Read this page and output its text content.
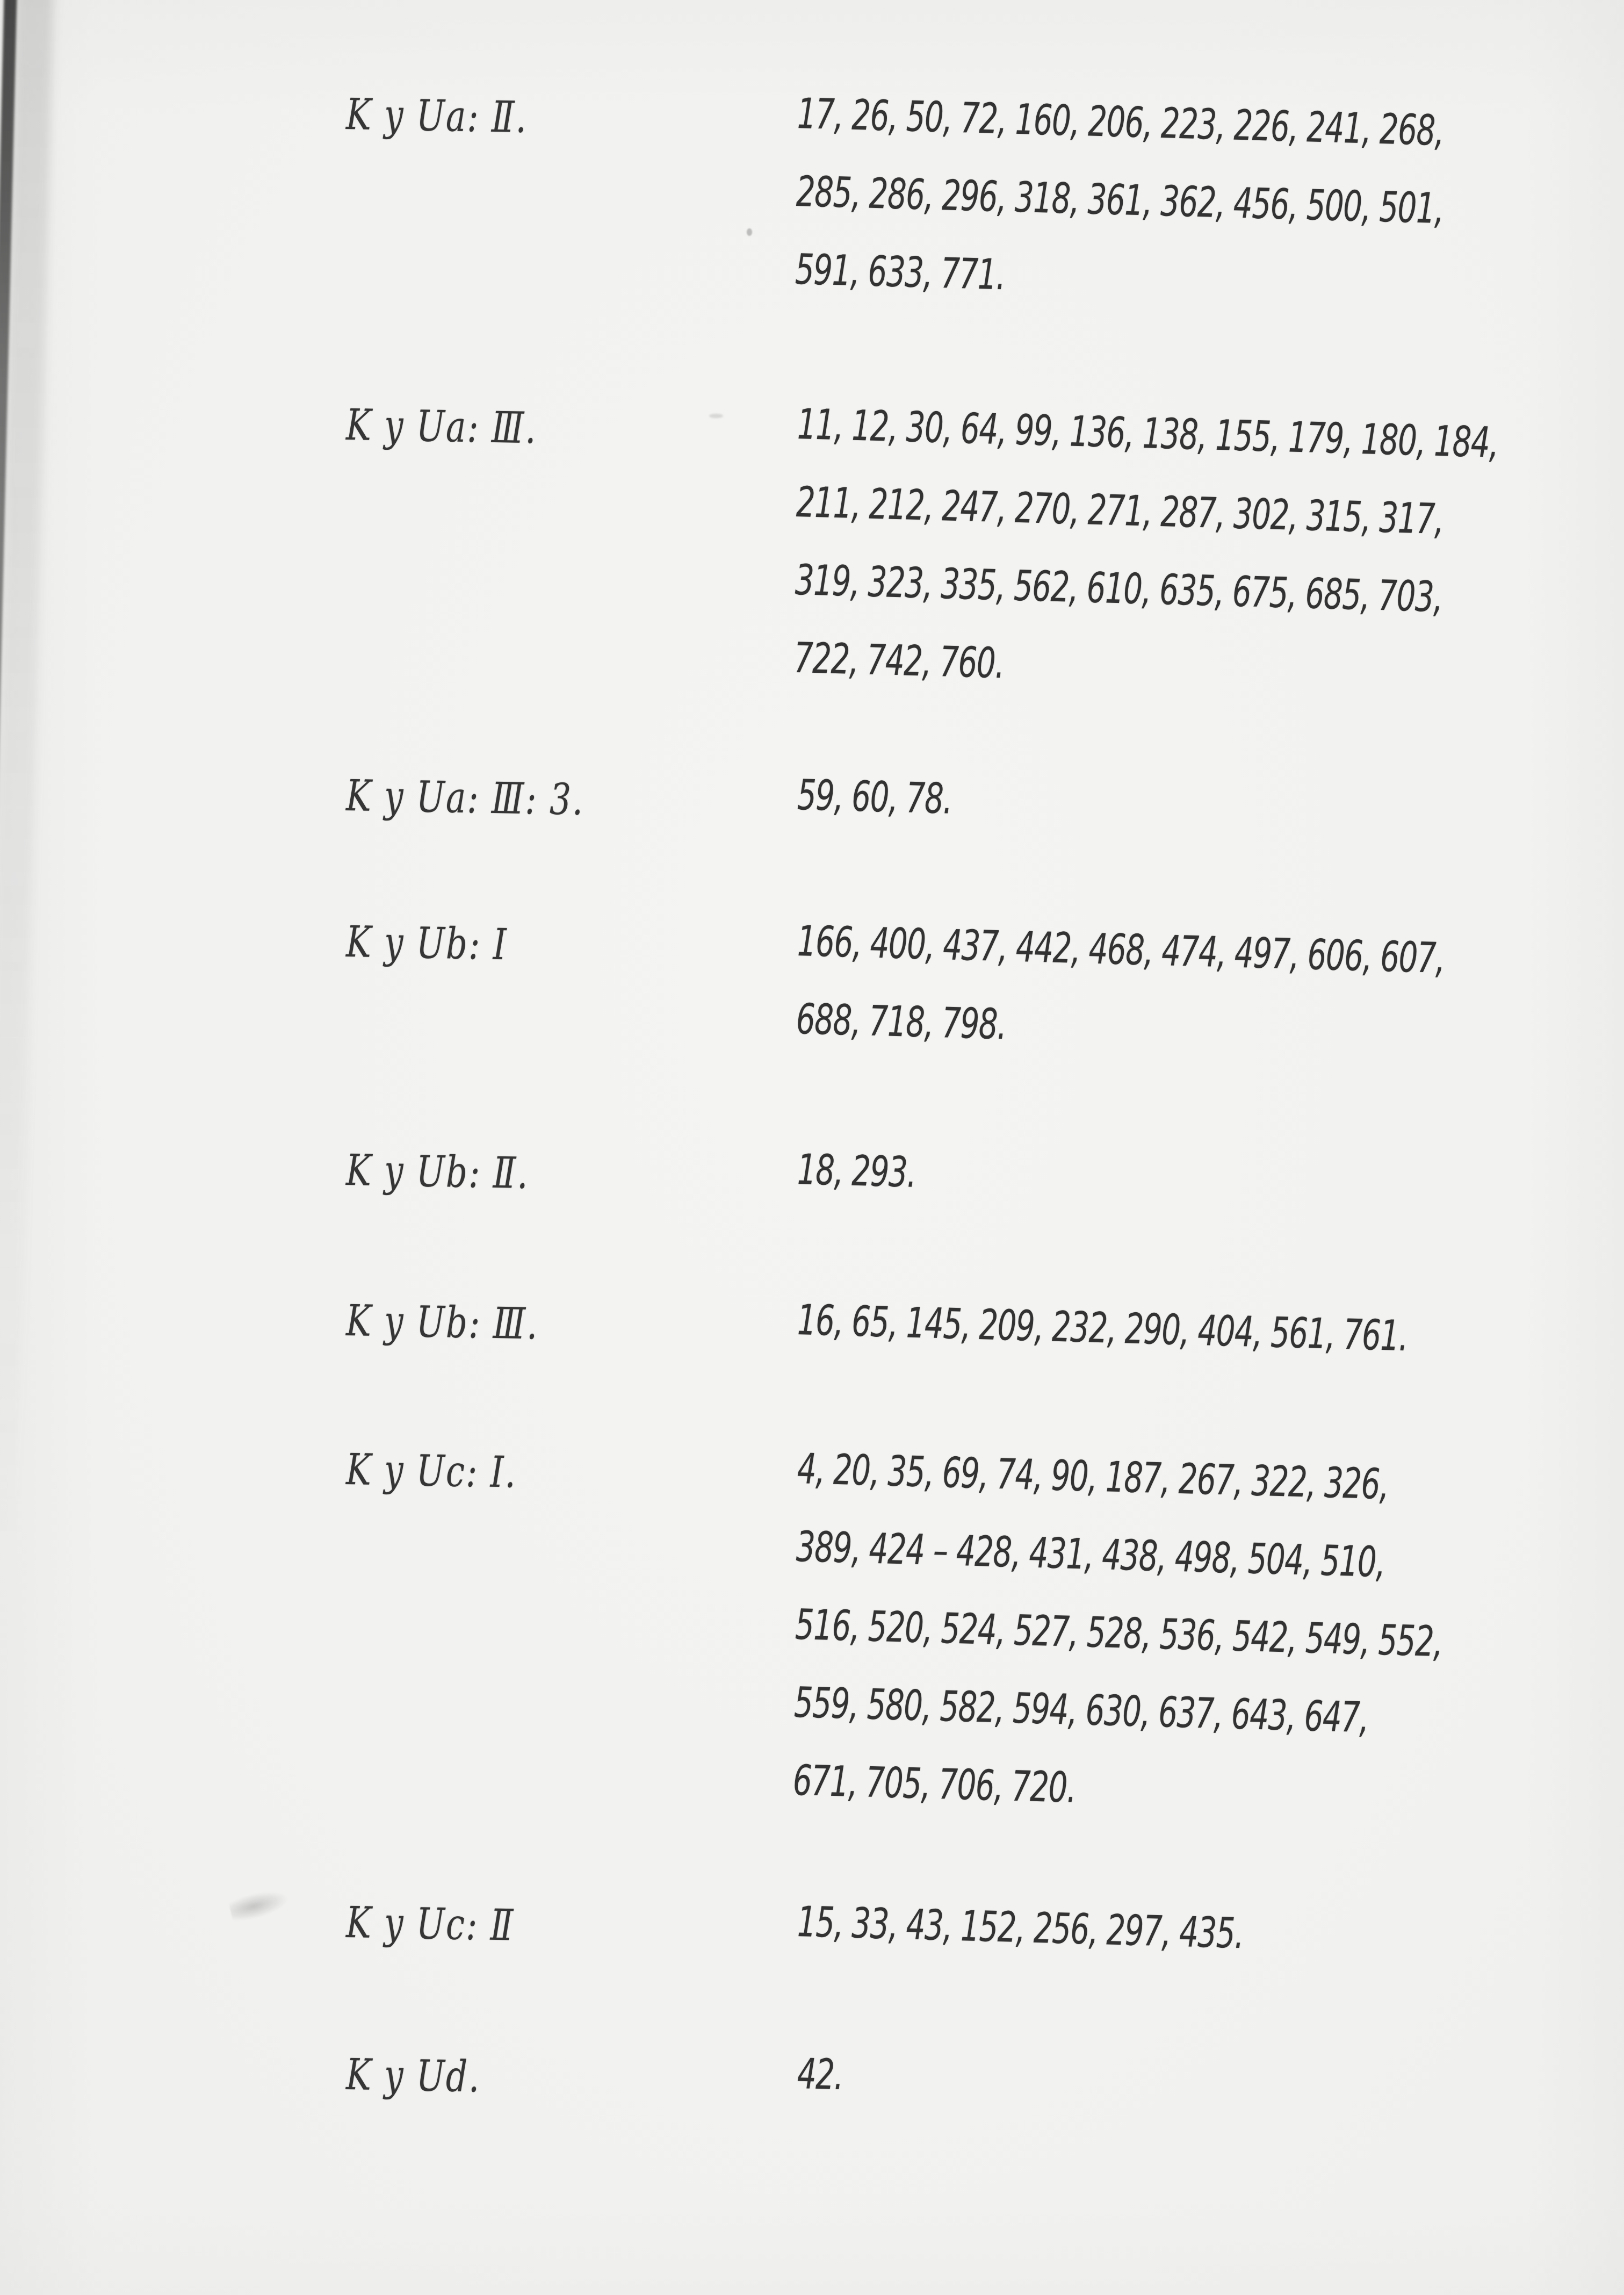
K y Ua: Ⅱ.	17, 26, 50, 72, 160, 206, 223, 226, 241, 268,
285, 286, 296, 318, 361, 362, 456, 500, 501,
591, 633, 771.
K y Ua: Ⅲ.	11, 12, 30, 64, 99, 136, 138, 155, 179, 180, 184,
211, 212, 247, 270, 271, 287, 302, 315, 317,
319, 323, 335, 562, 610, 635, 675, 685, 703,
722, 742, 760.
K y Ua: Ⅲ: 3.	59, 60, 78.
K y Ub: Ⅰ	166, 400, 437, 442, 468, 474, 497, 606, 607,
688, 718, 798.
K y Ub: Ⅱ.	18, 293.
K y Ub: Ⅲ.	16, 65, 145, 209, 232, 290, 404, 561, 761.
K y Uc: Ⅰ.	4, 20, 35, 69, 74, 90, 187, 267, 322, 326,
389, 424 – 428, 431, 438, 498, 504, 510,
516, 520, 524, 527, 528, 536, 542, 549, 552,
559, 580, 582, 594, 630, 637, 643, 647,
671, 705, 706, 720.
K y Uc: Ⅱ	15, 33, 43, 152, 256, 297, 435.
K y Ud.	42.
